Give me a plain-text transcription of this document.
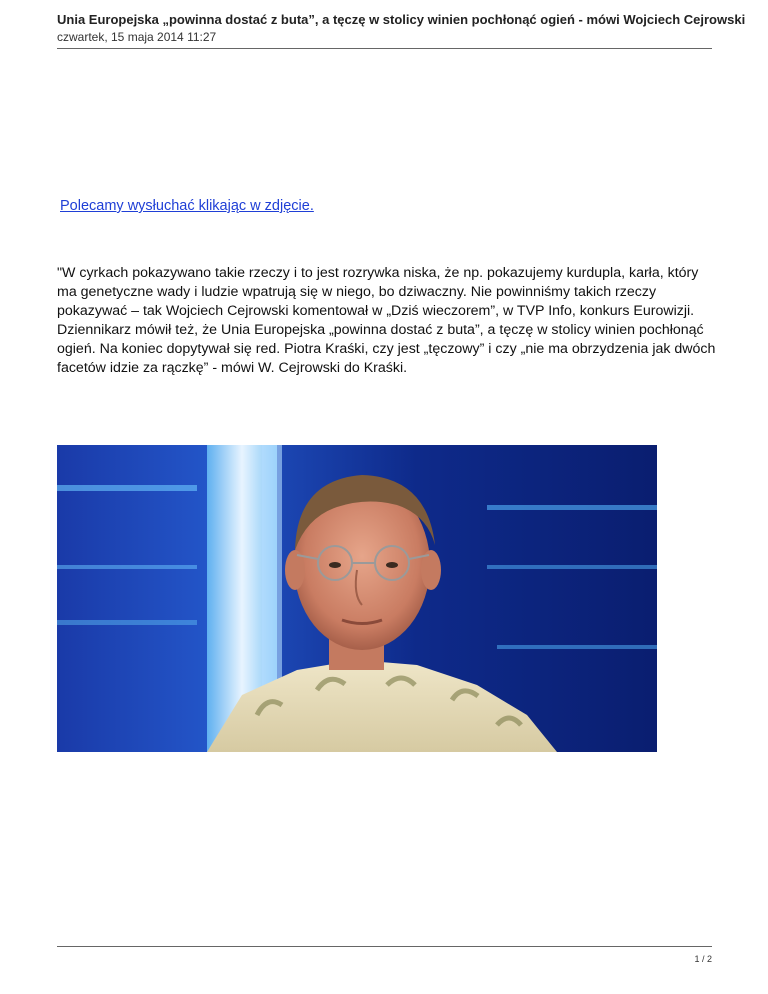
Unia Europejska „powinna dostać z buta”, a tęczę w stolicy winien pochłonąć ogień - mówi Wojciech Cejrowski
czwartek, 15 maja 2014 11:27
Polecamy wysłuchać klikając w zdjęcie.

"W cyrkach pokazywano takie rzeczy i to jest rozrywka niska, że np. pokazujemy kurdupla, karła, który ma genetyczne wady i ludzie wpatrują się w niego, bo dziwaczny. Nie powinniśmy takich rzeczy pokazywać – tak Wojciech Cejrowski komentował w „Dziś wieczorem”, w TVP Info, konkurs Eurowizji. Dziennikarz mówił też, że Unia Europejska „powinna dostać z buta”, a tęczę w stolicy winien pochłonąć ogień. Na koniec dopytywał się red. Piotra Kraśki, czy jest „tęczowy” i czy „nie ma obrzydzenia jak dwóch facetów idzie za rączkę” - mówi W. Cejrowski do Kraśki.

1 / 2
